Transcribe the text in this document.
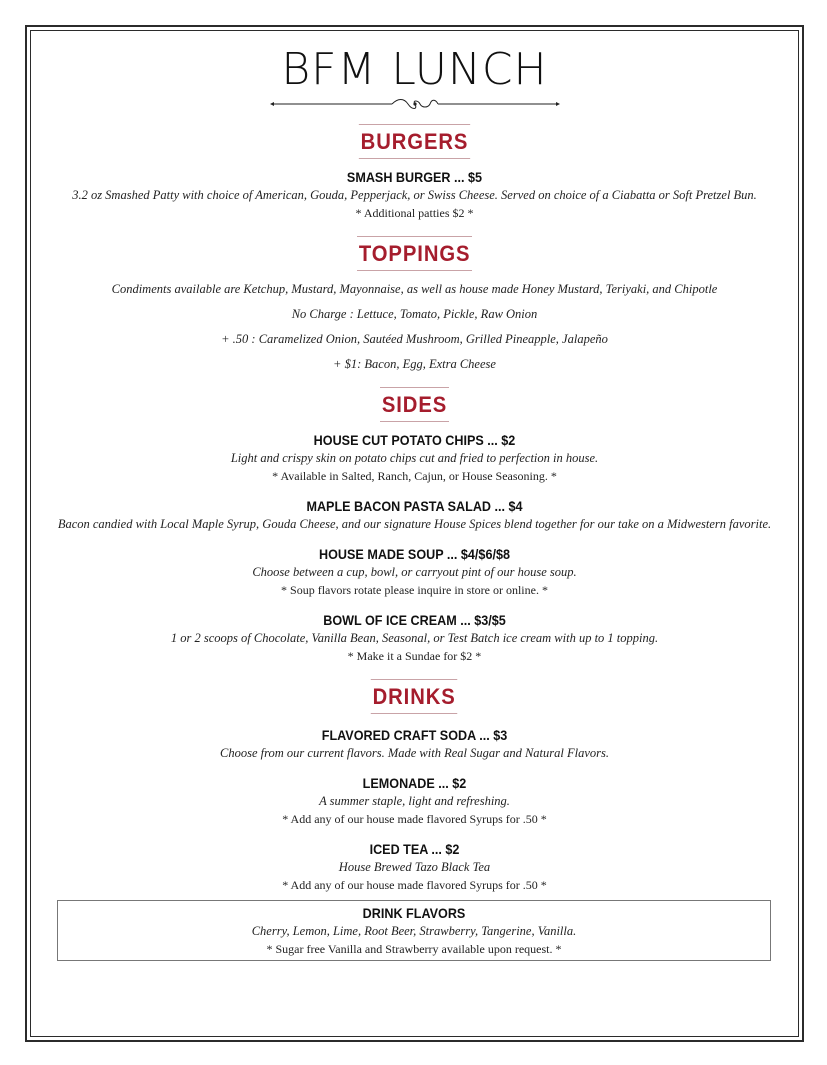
BFM LUNCH
BURGERS
SMASH BURGER ... $5
3.2 oz Smashed Patty with choice of American, Gouda, Pepperjack, or Swiss Cheese. Served on choice of a Ciabatta or Soft Pretzel Bun.
* Additional patties $2 *
TOPPINGS
Condiments available are Ketchup, Mustard, Mayonnaise, as well as house made Honey Mustard, Teriyaki, and Chipotle
No Charge : Lettuce, Tomato, Pickle, Raw Onion
+ .50 : Caramelized Onion, Sautéed Mushroom, Grilled Pineapple, Jalapeño
+ $1: Bacon, Egg, Extra Cheese
SIDES
HOUSE CUT POTATO CHIPS ... $2
Light and crispy skin on potato chips cut and fried to perfection in house.
* Available in Salted, Ranch, Cajun, or House Seasoning. *
MAPLE BACON PASTA SALAD ... $4
Bacon candied with Local Maple Syrup, Gouda Cheese, and our signature House Spices blend together for our take on a Midwestern favorite.
HOUSE MADE SOUP ... $4/$6/$8
Choose between a cup, bowl, or carryout pint of our house soup.
* Soup flavors rotate please inquire in store or online. *
BOWL OF ICE CREAM ... $3/$5
1 or 2 scoops of Chocolate, Vanilla Bean, Seasonal, or Test Batch ice cream with up to 1 topping.
* Make it a Sundae for $2 *
DRINKS
FLAVORED CRAFT SODA ... $3
Choose from our current flavors. Made with Real Sugar and Natural Flavors.
LEMONADE ... $2
A summer staple, light and refreshing.
* Add any of our house made flavored Syrups for .50 *
ICED TEA ... $2
House Brewed Tazo Black Tea
* Add any of our house made flavored Syrups for .50 *
DRINK FLAVORS
Cherry, Lemon, Lime, Root Beer, Strawberry, Tangerine, Vanilla.
* Sugar free Vanilla and Strawberry available upon request. *
